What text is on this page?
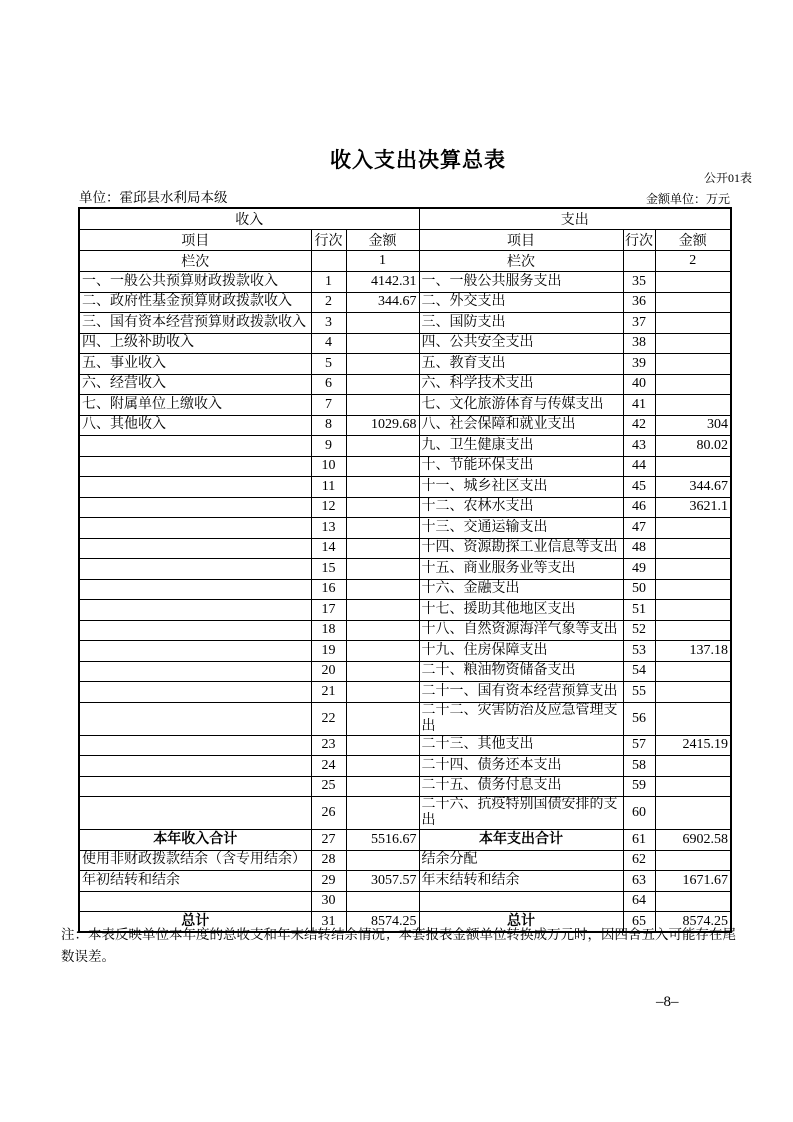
收入支出决算总表
公开01表
单位：霍邱县水利局本级	金额单位：万元
收入			支出		
项目	行次	金额	项目	行次	金额
栏次		1	栏次		2
一、一般公共预算财政拨款收入	1	4142.31	一、一般公共服务支出	35	
二、政府性基金预算财政拨款收入	2	344.67	二、外交支出	36	
三、国有资本经营预算财政拨款收入	3		三、国防支出	37	
四、上级补助收入	4		四、公共安全支出	38	
五、事业收入	5		五、教育支出	39	
六、经营收入	6		六、科学技术支出	40	
七、附属单位上缴收入	7		七、文化旅游体育与传媒支出	41	
八、其他收入	8	1029.68	八、社会保障和就业支出	42	304
	9		九、卫生健康支出	43	80.02
	10		十、节能环保支出	44	
	11		十一、城乡社区支出	45	344.67
	12		十二、农林水支出	46	3621.1
	13		十三、交通运输支出	47	
	14		十四、资源勘探工业信息等支出	48	
	15		十五、商业服务业等支出	49	
	16		十六、金融支出	50	
	17		十七、援助其他地区支出	51	
	18		十八、自然资源海洋气象等支出	52	
	19		十九、住房保障支出	53	137.18
	20		二十、粮油物资储备支出	54	
	21		二十一、国有资本经营预算支出	55	
	22		二十二、灾害防治及应急管理支出	56	
	23		二十三、其他支出	57	2415.19
	24		二十四、债务还本支出	58	
	25		二十五、债务付息支出	59	
	26		二十六、抗疫特别国债安排的支出	60	
本年收入合计	27	5516.67	本年支出合计	61	6902.58
使用非财政拨款结余（含专用结余）	28		结余分配	62	
年初结转和结余	29	3057.57	年末结转和结余	63	1671.67
	30			64	
总计	31	8574.25	总计	65	8574.25
注：本表反映单位本年度的总收支和年末结转结余情况；本套报表金额单位转换成万元时，因四舍五入可能存在尾数误差。
–8–
